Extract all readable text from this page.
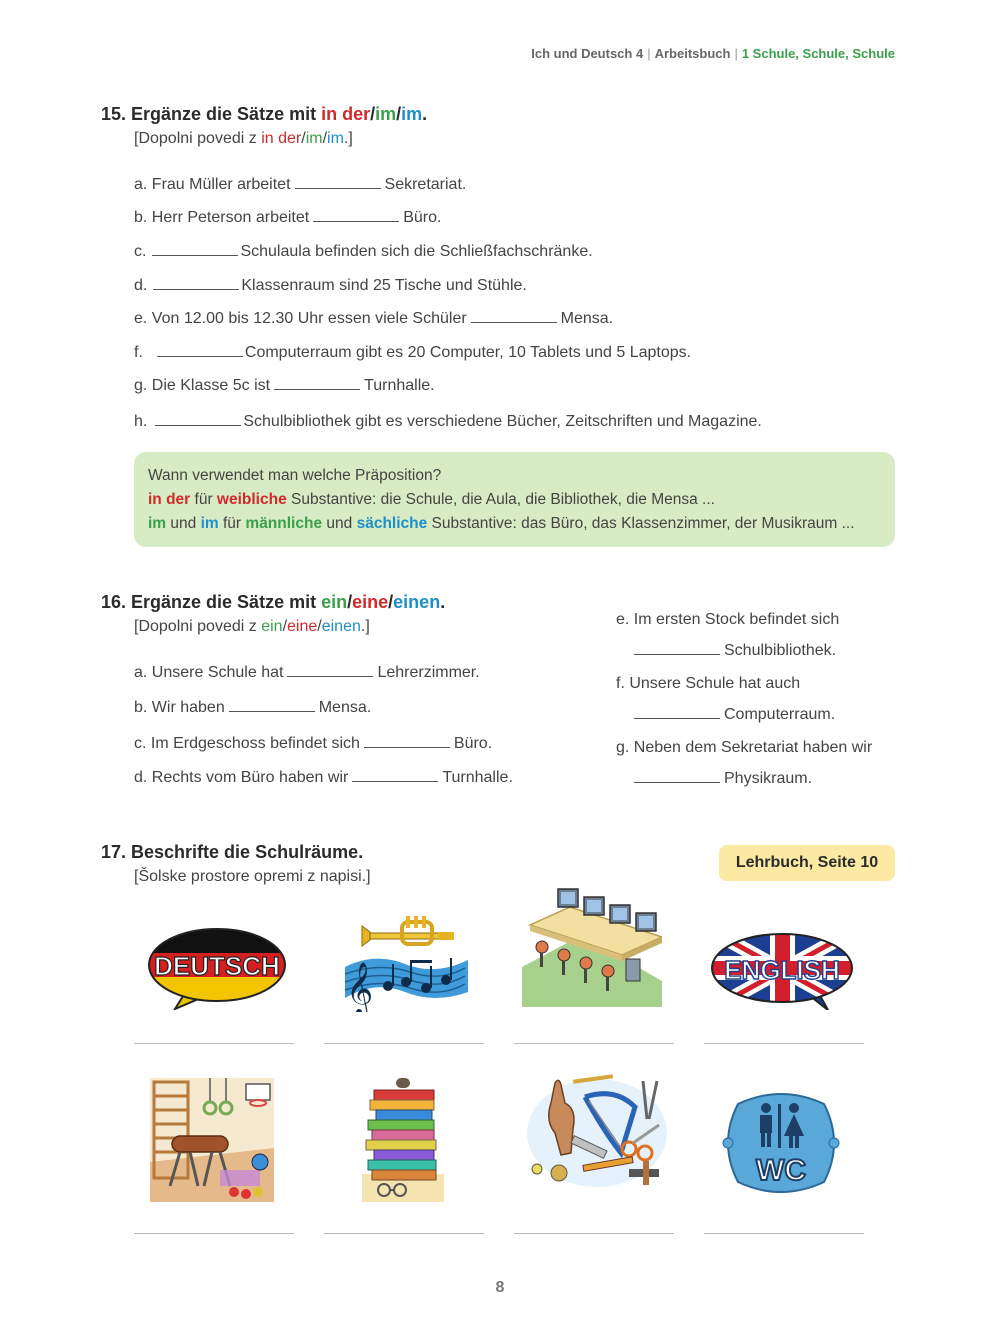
Ich und Deutsch 4 | Arbeitsbuch | 1 Schule, Schule, Schule
15. Ergänze die Sätze mit in der/im/im.
[Dopolni povedi z in der/im/im.]
a. Frau Müller arbeitet	Sekretariat.
b. Herr Peterson arbeitet	Büro.
c.	Schulaula befinden sich die Schließfachschränke.
d.	Klassenraum sind 25 Tische und Stühle.
e. Von 12.00 bis 12.30 Uhr essen viele Schüler	Mensa.
f.	Computerraum gibt es 20 Computer, 10 Tablets und 5 Laptops.
g. Die Klasse 5c ist	Turnhalle.
h.	Schulbibliothek gibt es verschiedene Bücher, Zeitschriften und Magazine.
Wann verwendet man welche Präposition?
in der für weibliche Substantive: die Schule, die Aula, die Bibliothek, die Mensa ...
im und im für männliche und sächliche Substantive: das Büro, das Klassenzimmer, der Musikraum ...
16. Ergänze die Sätze mit ein/eine/einen.
[Dopolni povedi z ein/eine/einen.]
a. Unsere Schule hat	Lehrerzimmer.
b. Wir haben	Mensa.
c. Im Erdgeschoss befindet sich	Büro.
d. Rechts vom Büro haben wir	Turnhalle.
e. Im ersten Stock befindet sich
Schulbibliothek.
f. Unsere Schule hat auch
Computerraum.
g. Neben dem Sekretariat haben wir
Physikraum.
17. Beschrifte die Schulräume.
[Šolske prostore opremi z napisi.]
Lehrbuch, Seite 10
DEUTSCH 𝄞	ENGLISH
WC
8
